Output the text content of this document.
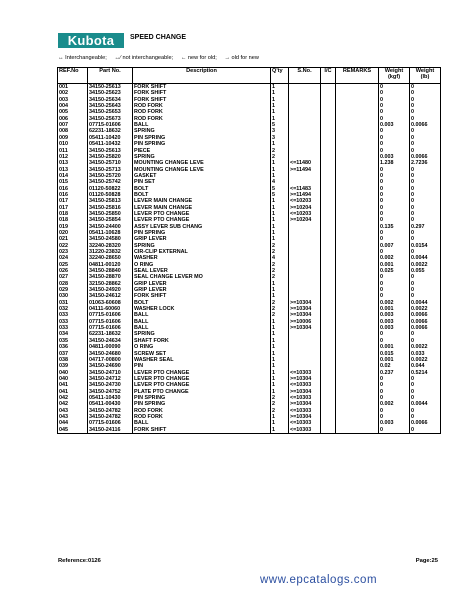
Kubota	SPEED CHANGE
↔ Interchangeable; ↔∕ not interchangeable; ← new for old; → old for new
REF.No	Part No.	Description	Q'ty	S.No.	I/C	REMARKS	Weight (kgf)	Weight (lb)
001	34150-25613	FORK SHIFT	1				0	0
002	34150-25623	FORK SHIFT	1				0	0
003	34150-25634	FORK SHIFT	1				0	0
004	34150-25643	ROD FORK	1				0	0
005	34150-25653	ROD FORK	1				0	0
006	34150-25673	ROD FORK	1				0	0
007	07715-01606	BALL	5				0.003	0.0066
008	62231-18632	SPRING	3				0	0
009	05411-10420	PIN SPRING	3				0	0
010	05411-10432	PIN SPRING	1				0	0
011	34150-25613	PIECE	2				0	0
012	34150-25820	SPRING	2				0.003	0.0066
013	34150-25710	MOUNTING CHANGE LEVE	1	<=11480			1.238	2.7236
013	34150-25713	MOUNTING CHANGE LEVE	1	>=11494			0	0
014	34150-25720	GASKET	1				0	0
015	34150-25742	PIN SET	4				0	0
016	01120-50822	BOLT	5	<=11483			0	0
016	01120-50828	BOLT	5	>=11494			0	0
017	34150-25813	LEVER MAIN CHANGE	1	<=10203			0	0
017	34150-25816	LEVER MAIN CHANGE	1	>=10204			0	0
018	34150-25850	LEVER PTO CHANGE	1	<=10203			0	0
018	34150-25854	LEVER PTO CHANGE	1	>=10204			0	0
019	34150-24400	ASSY LEVER SUB CHANG	1				0.135	0.297
020	05411-10628	PIN SPRING	1				0	0
021	34150-24580	GRIP LEVER	1				0	0
022	32240-28320	SPRING	2				0.007	0.0154
023	31220-23832	CIR-CLIP EXTERNAL	2				0	0
024	32240-28650	WASHER	4				0.002	0.0044
025	04811-00120	O RING	2				0.001	0.0022
026	34150-28840	SEAL LEVER	2				0.025	0.055
027	34150-28870	SEAL CHANGE LEVER MO	2				0	0
028	32150-28862	GRIP LEVER	1				0	0
029	34150-24920	GRIP LEVER	1				0	0
030	34150-24612	FORK SHIFT	1				0	0
031	01063-60608	BOLT	2	>=10304			0.002	0.0044
032	04111-60060	WASHER LOCK	2	>=10304			0.001	0.0022
033	07715-01606	BALL	2	>=10304			0.003	0.0066
033	07715-01606	BALL	1	>=10006			0.003	0.0066
033	07715-01606	BALL	1	>=10304			0.003	0.0066
034	62231-18632	SPRING	1				0	0
035	34150-24634	SHAFT FORK	1				0	0
036	04811-00090	O RING	1				0.001	0.0022
037	34150-24680	SCREW SET	1				0.015	0.033
038	04717-00800	WASHER SEAL	1				0.001	0.0022
039	34150-24690	PIN	1				0.02	0.044
040	34150-24710	LEVER PTO CHANGE	1	<=10303			0.237	0.5214
040	34150-24712	LEVER PTO CHANGE	1	>=10304			0	0
041	34150-24730	LEVER PTO CHANGE	1	<=10303			0	0
041	34150-24752	PLATE PTO CHANGE	1	>=10304			0	0
042	05411-10430	PIN SPRING	2	<=10303			0	0
042	05411-00430	PIN SPRING	2	>=10304			0.002	0.0044
043	34150-24782	ROD FORK	2	<=10303			0	0
043	34150-24782	ROD FORK	1	>=10304			0	0
044	07715-01606	BALL	1	<=10303			0.003	0.0066
045	34150-24116	FORK SHIFT	1	<=10303			0	0
Reference:0126	Page:25
www.epcatalogs.com
